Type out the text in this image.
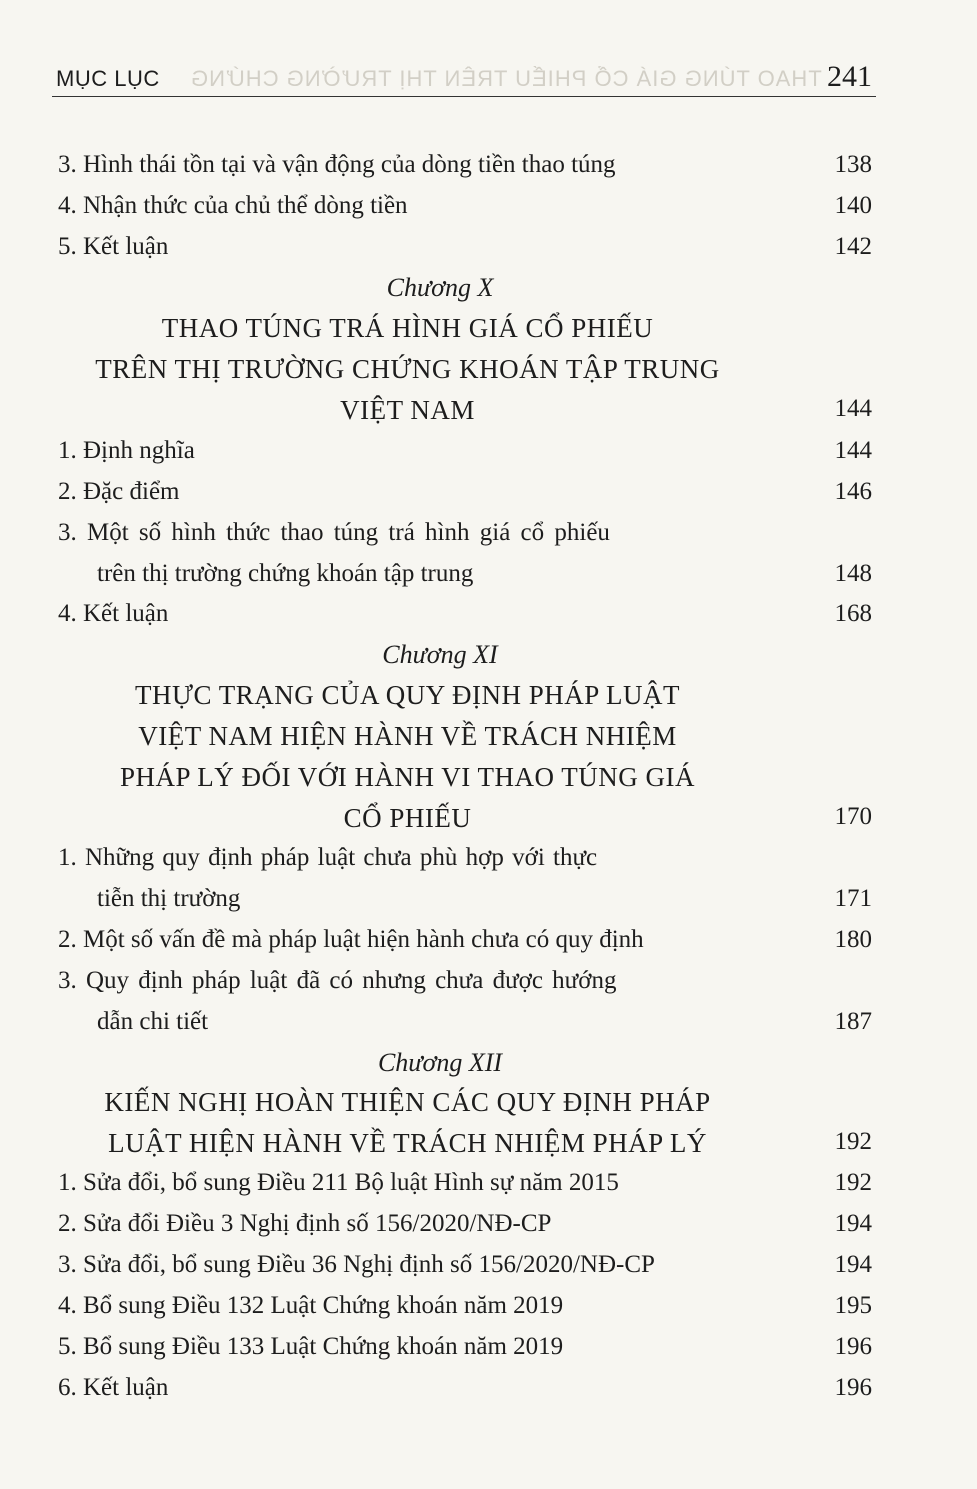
THAO TÚNG GIÁ CỔ PHIẾU TRÊN THỊ TRƯỜNG CHỨNG
MỤC LỤC	241
3. Hình thái tồn tại và vận động của dòng tiền thao túng	138
4. Nhận thức của chủ thể dòng tiền	140
5. Kết luận	142
Chương X
THAO TÚNG TRÁ HÌNH GIÁ CỔ PHIẾU
TRÊN THỊ TRƯỜNG CHỨNG KHOÁN TẬP TRUNG
VIỆT NAM	144
1. Định nghĩa	144
2. Đặc điểm	146
3. Một số hình thức thao túng trá hình giá cổ phiếu
trên thị trường chứng khoán tập trung	148
4. Kết luận	168
Chương XI
THỰC TRẠNG CỦA QUY ĐỊNH PHÁP LUẬT
VIỆT NAM HIỆN HÀNH VỀ TRÁCH NHIỆM
PHÁP LÝ ĐỐI VỚI HÀNH VI THAO TÚNG GIÁ
CỔ PHIẾU	170
1. Những quy định pháp luật chưa phù hợp với thực
tiễn thị trường	171
2. Một số vấn đề mà pháp luật hiện hành chưa có quy định	180
3. Quy định pháp luật đã có nhưng chưa được hướng
dẫn chi tiết	187
Chương XII
KIẾN NGHỊ HOÀN THIỆN CÁC QUY ĐỊNH PHÁP
LUẬT HIỆN HÀNH VỀ TRÁCH NHIỆM PHÁP LÝ	192
1. Sửa đổi, bổ sung Điều 211 Bộ luật Hình sự năm 2015	192
2. Sửa đổi Điều 3 Nghị định số 156/2020/NĐ-CP	194
3. Sửa đổi, bổ sung Điều 36 Nghị định số 156/2020/NĐ-CP	194
4. Bổ sung Điều 132 Luật Chứng khoán năm 2019	195
5. Bổ sung Điều 133 Luật Chứng khoán năm 2019	196
6. Kết luận	196
